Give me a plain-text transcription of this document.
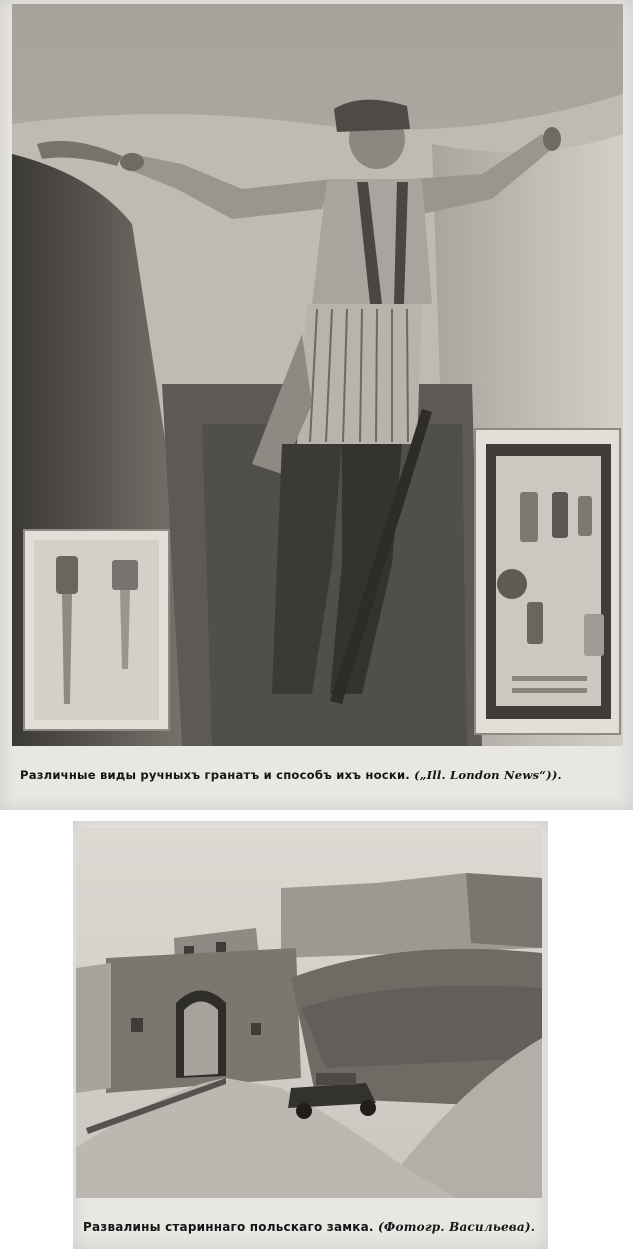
Различные виды ручныхъ гранатъ и способъ ихъ носки. („Ill. London News“)).

Развалины стариннаго польскаго замка. (Фотогр. Васильева).
